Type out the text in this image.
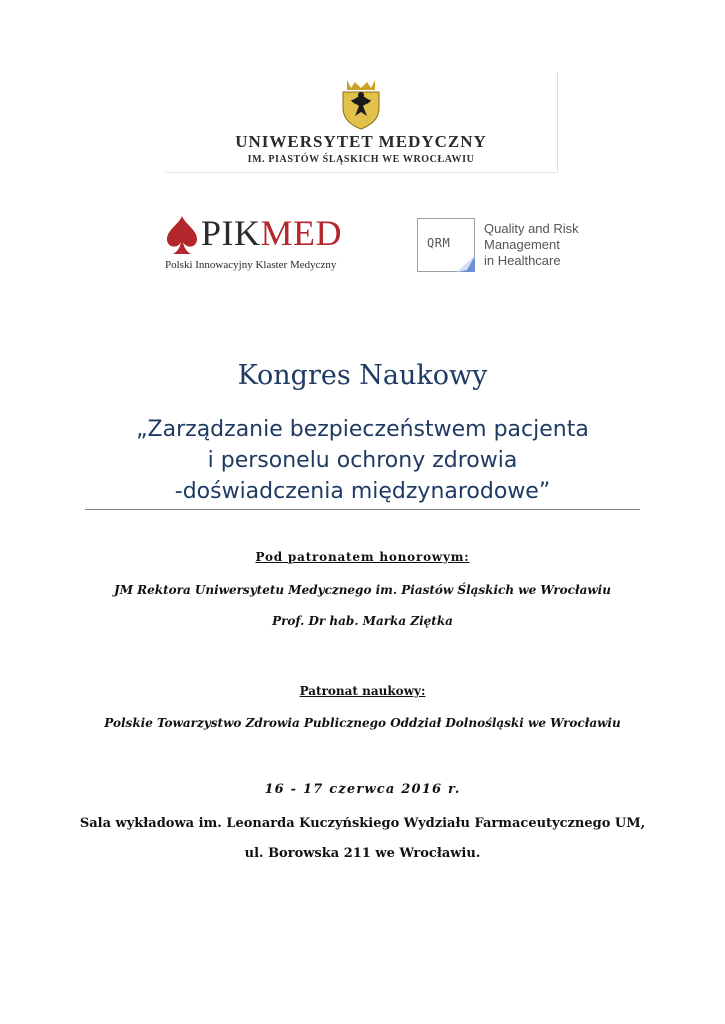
UNIWERSYTET MEDYCZNY
IM. PIASTÓW ŚLĄSKICH WE WROCŁAWIU
PIKMED
Polski Innowacyjny Klaster Medyczny
QRM
Quality and Risk
Management
in Healthcare
Kongres Naukowy
„Zarządzanie bezpieczeństwem pacjenta
i personelu ochrony zdrowia
-doświadczenia międzynarodowe”
Pod patronatem honorowym:
JM Rektora Uniwersytetu Medycznego im. Piastów Śląskich we Wrocławiu
Prof. Dr hab. Marka Ziętka
Patronat naukowy:
Polskie Towarzystwo Zdrowia Publicznego Oddział Dolnośląski we Wrocławiu
16 - 17 czerwca 2016 r.
Sala wykładowa im. Leonarda Kuczyńskiego Wydziału Farmaceutycznego UM,
ul. Borowska 211 we Wrocławiu.
